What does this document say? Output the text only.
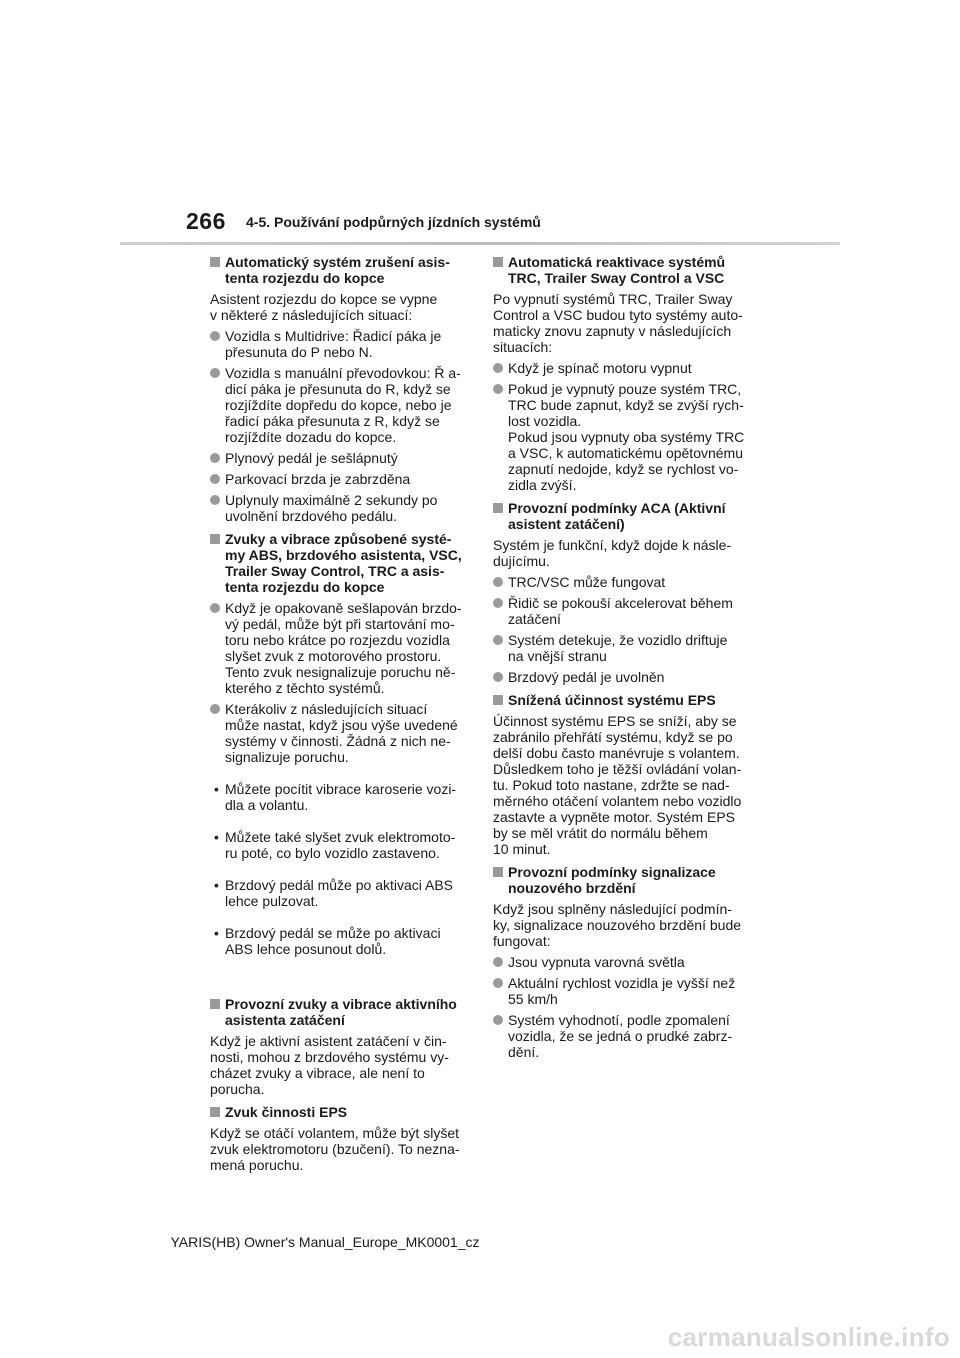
266 4-5. Používání podpůrných jízdních systémů
Automatický systém zrušení asis-
tenta rozjezdu do kopce
Asistent rozjezdu do kopce se vypne
v některé z následujících situací:
Vozidla s Multidrive: Řadicí páka je
přesunuta do P nebo N.
Vozidla s manuální převodovkou: Ř a-
dicí páka je přesunuta do R, když se
rozjíždíte dopředu do kopce, nebo je
řadicí páka přesunuta z R, když se
rozjíždíte dozadu do kopce.
Plynový pedál je sešlápnutý
Parkovací brzda je zabrzděna
Uplynuly maximálně 2 sekundy po
uvolnění brzdového pedálu.
Zvuky a vibrace způsobené systé-
my ABS, brzdového asistenta, VSC,
Trailer Sway Control, TRC a asis-
tenta rozjezdu do kopce
Když je opakovaně sešlapován brzdo-
vý pedál, může být při startování mo-
toru nebo krátce po rozjezdu vozidla
slyšet zvuk z motorového prostoru.
Tento zvuk nesignalizuje poruchu ně-
kterého z těchto systémů.
Kterákoliv z následujících situací
může nastat, když jsou výše uvedené
systémy v činnosti. Žádná z nich ne-
signalizuje poruchu.

• Můžete pocítit vibrace karoserie vozi-
dla a volantu.

• Můžete také slyšet zvuk elektromoto-
ru poté, co bylo vozidlo zastaveno.

• Brzdový pedál může po aktivaci ABS
lehce pulzovat.

• Brzdový pedál se může po aktivaci
ABS lehce posunout dolů.

Provozní zvuky a vibrace aktivního
asistenta zatáčení
Když je aktivní asistent zatáčení v čin-
nosti, mohou z brzdového systému vy-
cházet zvuky a vibrace, ale není to
porucha.
Zvuk činnosti EPS
Když se otáčí volantem, může být slyšet
zvuk elektromotoru (bzučení). To nezna-
mená poruchu.
Automatická reaktivace systémů
TRC, Trailer Sway Control a VSC
Po vypnutí systémů TRC, Trailer Sway
Control a VSC budou tyto systémy auto-
maticky znovu zapnuty v následujících
situacích:
Když je spínač motoru vypnut
Pokud je vypnutý pouze systém TRC,
TRC bude zapnut, když se zvýší rych-
lost vozidla.
Pokud jsou vypnuty oba systémy TRC
a VSC, k automatickému opětovnému
zapnutí nedojde, když se rychlost vo-
zidla zvýší.
Provozní podmínky ACA (Aktivní
asistent zatáčení)
Systém je funkční, když dojde k násle-
dujícímu.
TRC/VSC může fungovat
Řidič se pokouší akcelerovat během
zatáčení
Systém detekuje, že vozidlo driftuje
na vnější stranu
Brzdový pedál je uvolněn
Snížená účinnost systému EPS
Účinnost systému EPS se sníží, aby se
zabránilo přehřátí systému, když se po
delší dobu často manévruje s volantem.
Důsledkem toho je těžší ovládání volan-
tu. Pokud toto nastane, zdržte se nad-
měrného otáčení volantem nebo vozidlo
zastavte a vypněte motor. Systém EPS
by se měl vrátit do normálu během
10 minut.
Provozní podmínky signalizace
nouzového brzdění
Když jsou splněny následující podmín-
ky, signalizace nouzového brzdění bude
fungovat:
Jsou vypnuta varovná světla
Aktuální rychlost vozidla je vyšší než
55 km/h
Systém vyhodnotí, podle zpomalení
vozidla, že se jedná o prudké zabrz-
dění.
YARIS(HB) Owner's Manual_Europe_MK0001_cz
carmanualsonline.info
